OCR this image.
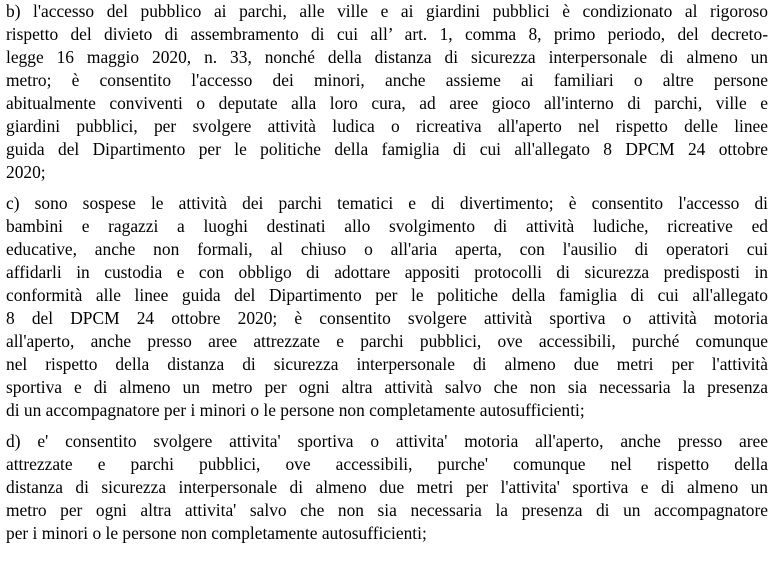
b) l'accesso del pubblico ai parchi, alle ville e ai giardini pubblici è condizionato al rigoroso
rispetto del divieto di assembramento di cui all’ art. 1, comma 8, primo periodo, del decreto-
legge 16 maggio 2020, n. 33, nonché della distanza di sicurezza interpersonale di almeno un
metro; è consentito l'accesso dei minori, anche assieme ai familiari o altre persone
abitualmente conviventi o deputate alla loro cura, ad aree gioco all'interno di parchi, ville e
giardini pubblici, per svolgere attività ludica o ricreativa all'aperto nel rispetto delle linee
guida del Dipartimento per le politiche della famiglia di cui all'allegato 8 DPCM 24 ottobre
2020;
c) sono sospese le attività dei parchi tematici e di divertimento; è consentito l'accesso di
bambini e ragazzi a luoghi destinati allo svolgimento di attività ludiche, ricreative ed
educative, anche non formali, al chiuso o all'aria aperta, con l'ausilio di operatori cui
affidarli in custodia e con obbligo di adottare appositi protocolli di sicurezza predisposti in
conformità alle linee guida del Dipartimento per le politiche della famiglia di cui all'allegato
8 del DPCM 24 ottobre 2020; è consentito svolgere attività sportiva o attività motoria
all'aperto, anche presso aree attrezzate e parchi pubblici, ove accessibili, purché comunque
nel rispetto della distanza di sicurezza interpersonale di almeno due metri per l'attività
sportiva e di almeno un metro per ogni altra attività salvo che non sia necessaria la presenza
di un accompagnatore per i minori o le persone non completamente autosufficienti;
d) e' consentito svolgere attivita' sportiva o attivita' motoria all'aperto, anche presso aree
attrezzate e parchi pubblici, ove accessibili, purche' comunque nel rispetto della
distanza di sicurezza interpersonale di almeno due metri per l'attivita' sportiva e di almeno un
metro per ogni altra attivita' salvo che non sia necessaria la presenza di un accompagnatore
per i minori o le persone non completamente autosufficienti;
